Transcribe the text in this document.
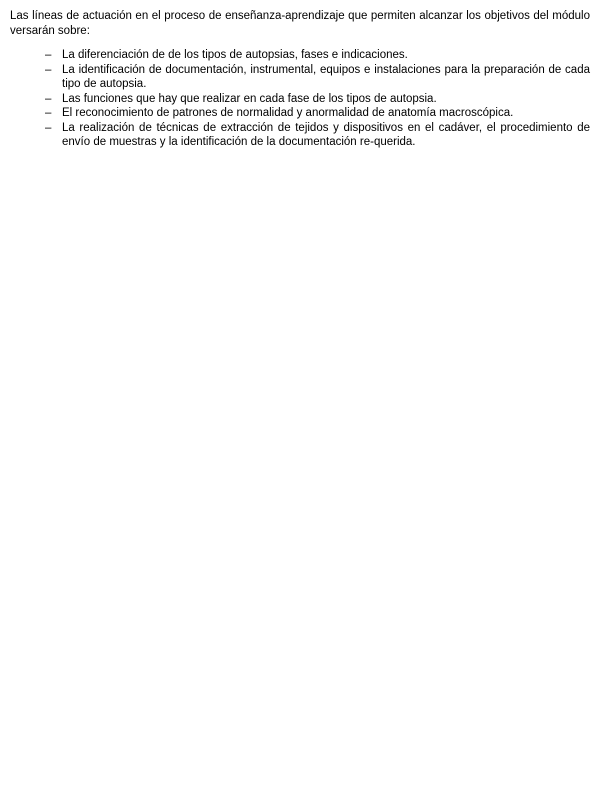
Las líneas de actuación en el proceso de enseñanza-aprendizaje que permiten alcanzar los objetivos del módulo versarán sobre:
– La diferenciación de de los tipos de autopsias, fases e indicaciones.
– La identificación de documentación, instrumental, equipos e instalaciones para la preparación de cada tipo de autopsia.
– Las funciones que hay que realizar en cada fase de los tipos de autopsia.
– El reconocimiento de patrones de normalidad y anormalidad de anatomía macroscópica.
– La realización de técnicas de extracción de tejidos y dispositivos en el cadáver, el procedimiento de envío de muestras y la identificación de la documentación re-querida.
